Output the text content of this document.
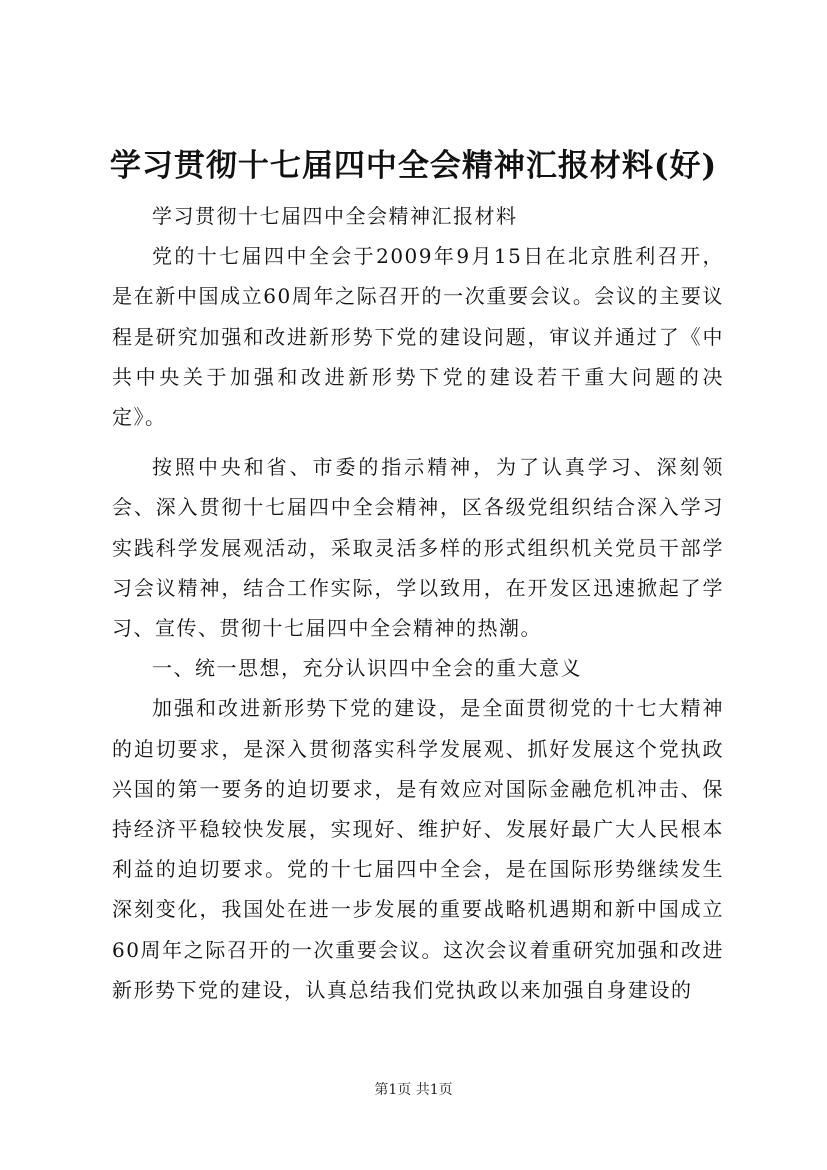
学习贯彻十七届四中全会精神汇报材料(好)

学习贯彻十七届四中全会精神汇报材料

党的十七届四中全会于2009年9月15日在北京胜利召开，是在新中国成立60周年之际召开的一次重要会议。会议的主要议程是研究加强和改进新形势下党的建设问题，审议并通过了《中共中央关于加强和改进新形势下党的建设若干重大问题的决定》。

按照中央和省、市委的指示精神，为了认真学习、深刻领会、深入贯彻十七届四中全会精神，区各级党组织结合深入学习实践科学发展观活动，采取灵活多样的形式组织机关党员干部学习会议精神，结合工作实际，学以致用，在开发区迅速掀起了学习、宣传、贯彻十七届四中全会精神的热潮。

一、统一思想，充分认识四中全会的重大意义

加强和改进新形势下党的建设，是全面贯彻党的十七大精神的迫切要求，是深入贯彻落实科学发展观、抓好发展这个党执政兴国的第一要务的迫切要求，是有效应对国际金融危机冲击、保持经济平稳较快发展，实现好、维护好、发展好最广大人民根本利益的迫切要求。党的十七届四中全会，是在国际形势继续发生深刻变化，我国处在进一步发展的重要战略机遇期和新中国成立60周年之际召开的一次重要会议。这次会议着重研究加强和改进新形势下党的建设，认真总结我们党执政以来加强自身建设的

第1页 共1页
